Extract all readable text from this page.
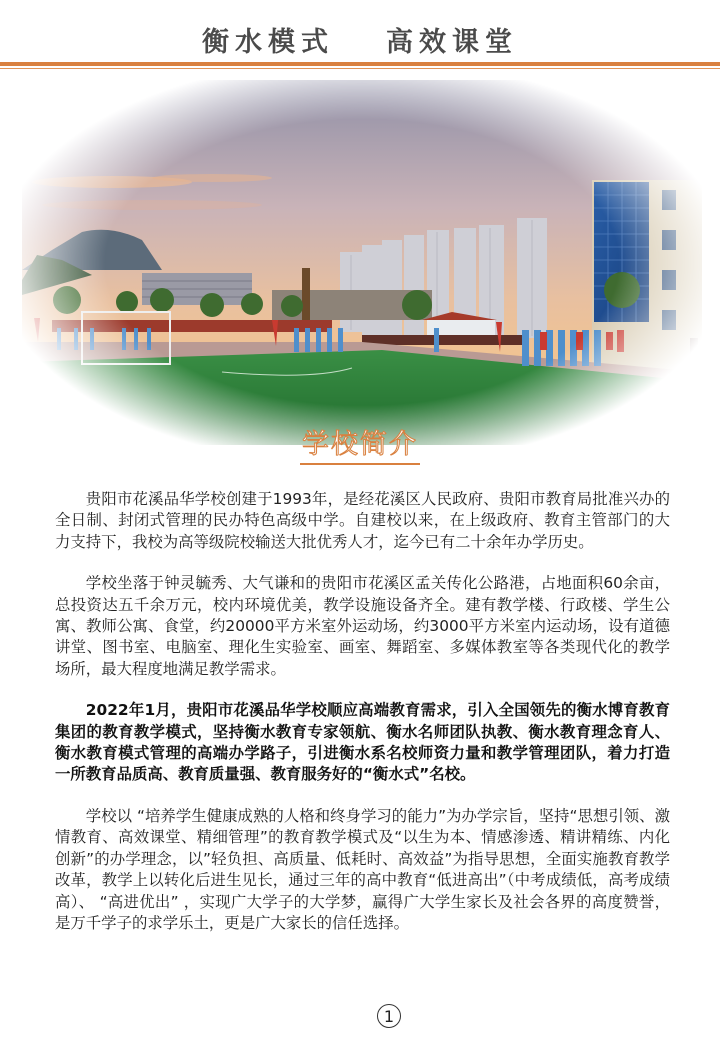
衡水模式 高效课堂
学校简介

贵阳市花溪品华学校创建于1993年，是经花溪区人民政府、贵阳市教育局批准兴办的全日制、封闭式管理的民办特色高级中学。自建校以来，在上级政府、教育主管部门的大力支持下，我校为高等级院校输送大批优秀人才，迄今已有二十余年办学历史。

学校坐落于钟灵毓秀、大气谦和的贵阳市花溪区孟关传化公路港，占地面积60余亩，总投资达五千余万元，校内环境优美，教学设施设备齐全。建有教学楼、行政楼、学生公寓、教师公寓、食堂，约20000平方米室外运动场，约3000平方米室内运动场，设有道德讲堂、图书室、电脑室、理化生实验室、画室、舞蹈室、多媒体教室等各类现代化的教学场所，最大程度地满足教学需求。

2022年1月，贵阳市花溪品华学校顺应高端教育需求，引入全国领先的衡水博育教育集团的教育教学模式，坚持衡水教育专家领航、衡水名师团队执教、衡水教育理念育人、衡水教育模式管理的高端办学路子，引进衡水系名校师资力量和教学管理团队，着力打造一所教育品质高、教育质量强、教育服务好的“衡水式”名校。

学校以 “培养学生健康成熟的人格和终身学习的能力”为办学宗旨，坚持“思想引领、激情教育、高效课堂、精细管理”的教育教学模式及“以生为本、情感渗透、精讲精练、内化创新”的办学理念，以”轻负担、高质量、低耗时、高效益”为指导思想，全面实施教育教学改革，教学上以转化后进生见长，通过三年的高中教育“低进高出”（中考成绩低，高考成绩高）、 “高进优出” ，实现广大学子的大学梦，赢得广大学生家长及社会各界的高度赞誉，是万千学子的求学乐土，更是广大家长的信任选择。

1
